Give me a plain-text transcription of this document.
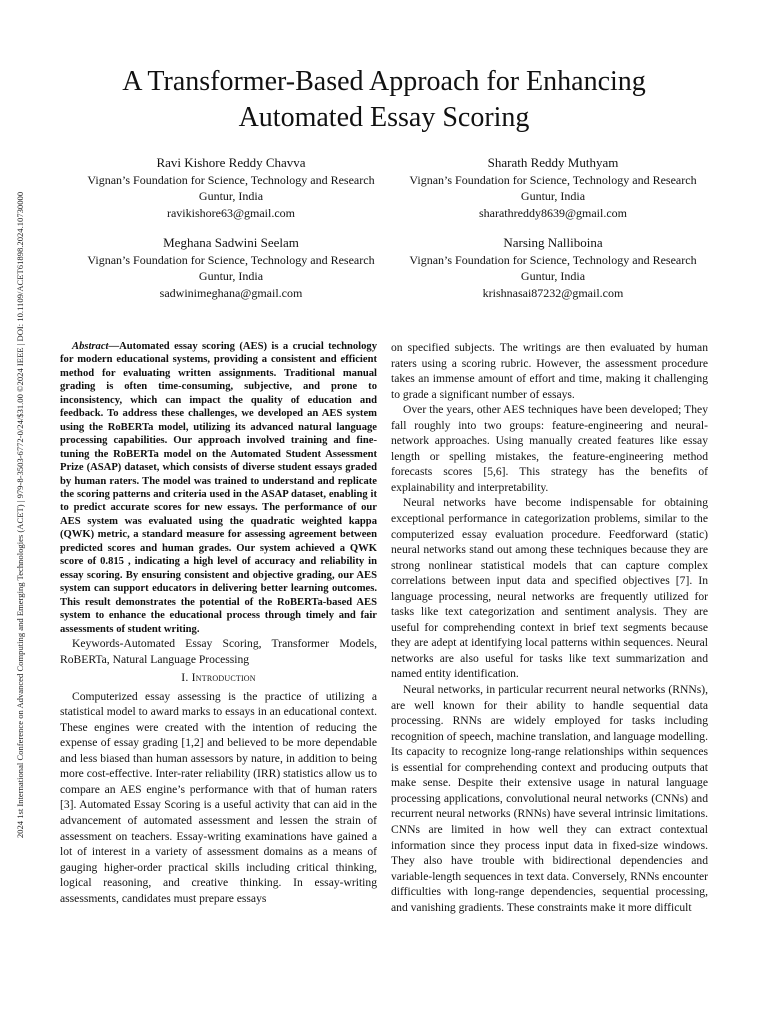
2024 1st International Conference on Advanced Computing and Emerging Technologies (ACET) | 979-8-3503-6772-0/24/$31.00 ©2024 IEEE | DOI: 10.1109/ACET61898.2024.10730000
A Transformer-Based Approach for Enhancing
Automated Essay Scoring
Ravi Kishore Reddy Chavva
Vignan’s Foundation for Science, Technology and Research
Guntur, India
ravikishore63@gmail.com
Sharath Reddy Muthyam
Vignan’s Foundation for Science, Technology and Research
Guntur, India
sharathreddy8639@gmail.com
Meghana Sadwini Seelam
Vignan’s Foundation for Science, Technology and Research
Guntur, India
sadwinimeghana@gmail.com
Narsing Nalliboina
Vignan’s Foundation for Science, Technology and Research
Guntur, India
krishnasai87232@gmail.com

Abstract—Automated essay scoring (AES) is a crucial technology for modern educational systems, providing a consistent and efficient method for evaluating written assignments. Traditional manual grading is often time-consuming, subjective, and prone to inconsistency, which can impact the quality of education and feedback. To address these challenges, we developed an AES system using the RoBERTa model, utilizing its advanced natural language processing capabilities. Our approach involved training and fine-tuning the RoBERTa model on the Automated Student Assessment Prize (ASAP) dataset, which consists of diverse student essays graded by human raters. The model was trained to understand and replicate the scoring patterns and criteria used in the ASAP dataset, enabling it to predict accurate scores for new essays. The performance of our AES system was evaluated using the quadratic weighted kappa (QWK) metric, a standard measure for assessing agreement between predicted scores and human grades. Our system achieved a QWK score of 0.815 , indicating a high level of accuracy and reliability in essay scoring. By ensuring consistent and objective grading, our AES system can support educators in delivering better learning outcomes. This result demonstrates the potential of the RoBERTa-based AES system to enhance the educational process through timely and fair assessments of student writing.

Keywords-Automated Essay Scoring, Transformer Models, RoBERTa, Natural Language Processing

I. Introduction

Computerized essay assessing is the practice of utilizing a statistical model to award marks to essays in an educational context. These engines were created with the intention of reducing the expense of essay grading [1,2] and believed to be more dependable and less biased than human assessors by nature, in addition to being more cost-effective. Inter-rater reliability (IRR) statistics allow us to compare an AES engine’s performance with that of human raters [3]. Automated Essay Scoring is a useful activity that can aid in the advancement of automated assessment and lessen the strain of assessment on teachers. Essay-writing examinations have gained a lot of interest in a variety of assessment domains as a means of gauging higher-order practical skills including critical thinking, logical reasoning, and creative thinking. In essay-writing assessments, candidates must prepare essays

on specified subjects. The writings are then evaluated by human raters using a scoring rubric. However, the assessment procedure takes an immense amount of effort and time, making it challenging to grade a significant number of essays.

Over the years, other AES techniques have been developed; They fall roughly into two groups: feature-engineering and neural-network approaches. Using manually created features like essay length or spelling mistakes, the feature-engineering method forecasts scores [5,6]. This strategy has the benefits of explainability and interpretability.

Neural networks have become indispensable for obtaining exceptional performance in categorization problems, similar to the computerized essay evaluation procedure. Feedforward (static) neural networks stand out among these techniques because they are strong nonlinear statistical models that can capture complex correlations between input data and specified objectives [7]. In language processing, neural networks are frequently utilized for tasks like text categorization and sentiment analysis. They are useful for comprehending context in brief text segments because they are adept at identifying local patterns within sequences. Neural networks are also useful for tasks like text summarization and named entity identification.

Neural networks, in particular recurrent neural networks (RNNs), are well known for their ability to handle sequential data processing. RNNs are widely employed for tasks including recognition of speech, machine translation, and language modelling. Its capacity to recognize long-range relationships within sequences is essential for comprehending context and producing outputs that make sense. Despite their extensive usage in natural language processing applications, convolutional neural networks (CNNs) and recurrent neural networks (RNNs) have several intrinsic limitations. CNNs are limited in how well they can extract contextual information since they process input data in fixed-size windows. They also have trouble with bidirectional dependencies and variable-length sequences in text data. Conversely, RNNs encounter difficulties with long-range dependencies, sequential processing, and vanishing gradients. These constraints make it more difficult
